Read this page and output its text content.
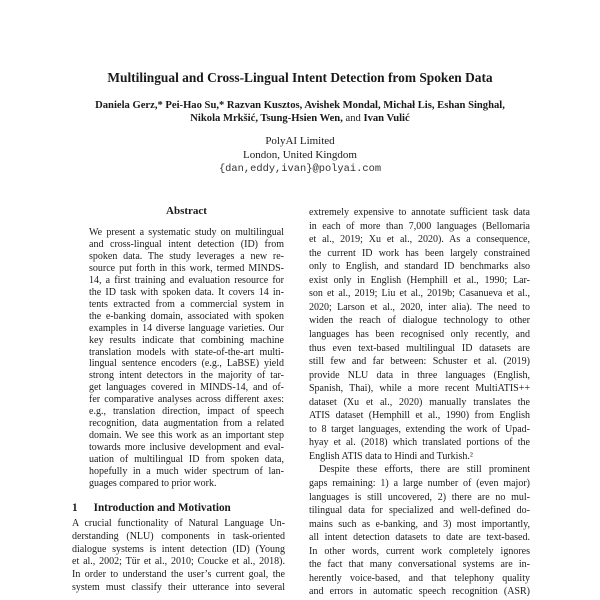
Multilingual and Cross-Lingual Intent Detection from Spoken Data
Daniela Gerz,* Pei-Hao Su,* Razvan Kusztos, Avishek Mondal, Michał Lis, Eshan Singhal,
Nikola Mrkšić, Tsung-Hsien Wen, and Ivan Vulić
PolyAI Limited
London, United Kingdom
{dan,eddy,ivan}@polyai.com
Abstract
We present a systematic study on multilingual
and cross-lingual intent detection (ID) from
spoken data. The study leverages a new re-
source put forth in this work, termed MINDS-
14, a first training and evaluation resource for
the ID task with spoken data. It covers 14 in-
tents extracted from a commercial system in
the e-banking domain, associated with spoken
examples in 14 diverse language varieties. Our
key results indicate that combining machine
translation models with state-of-the-art multi-
lingual sentence encoders (e.g., LaBSE) yield
strong intent detectors in the majority of tar-
get languages covered in MINDS-14, and of-
fer comparative analyses across different axes:
e.g., translation direction, impact of speech
recognition, data augmentation from a related
domain. We see this work as an important step
towards more inclusive development and eval-
uation of multilingual ID from spoken data,
hopefully in a much wider spectrum of lan-
guages compared to prior work.
1 Introduction and Motivation
A crucial functionality of Natural Language Un-
derstanding (NLU) components in task-oriented
dialogue systems is intent detection (ID) (Young
et al., 2002; Tür et al., 2010; Coucke et al., 2018).
In order to understand the user’s current goal, the
system must classify their utterance into several
extremely expensive to annotate sufficient task data
in each of more than 7,000 languages (Bellomaria
et al., 2019; Xu et al., 2020). As a consequence,
the current ID work has been largely constrained
only to English, and standard ID benchmarks also
exist only in English (Hemphill et al., 1990; Lar-
son et al., 2019; Liu et al., 2019b; Casanueva et al.,
2020; Larson et al., 2020, inter alia). The need to
widen the reach of dialogue technology to other
languages has been recognised only recently, and
thus even text-based multilingual ID datasets are
still few and far between: Schuster et al. (2019)
provide NLU data in three languages (English,
Spanish, Thai), while a more recent MultiATIS++
dataset (Xu et al., 2020) manually translates the
ATIS dataset (Hemphill et al., 1990) from English
to 8 target languages, extending the work of Upad-
hyay et al. (2018) which translated portions of the
English ATIS data to Hindi and Turkish.²
Despite these efforts, there are still prominent
gaps remaining: 1) a large number of (even major)
languages is still uncovered, 2) there are no mul-
tilingual data for specialized and well-defined do-
mains such as e-banking, and 3) most importantly,
all intent detection datasets to date are text-based.
In other words, current work completely ignores
the fact that many conversational systems are in-
herently voice-based, and that telephony quality
and errors in automatic speech recognition (ASR)
